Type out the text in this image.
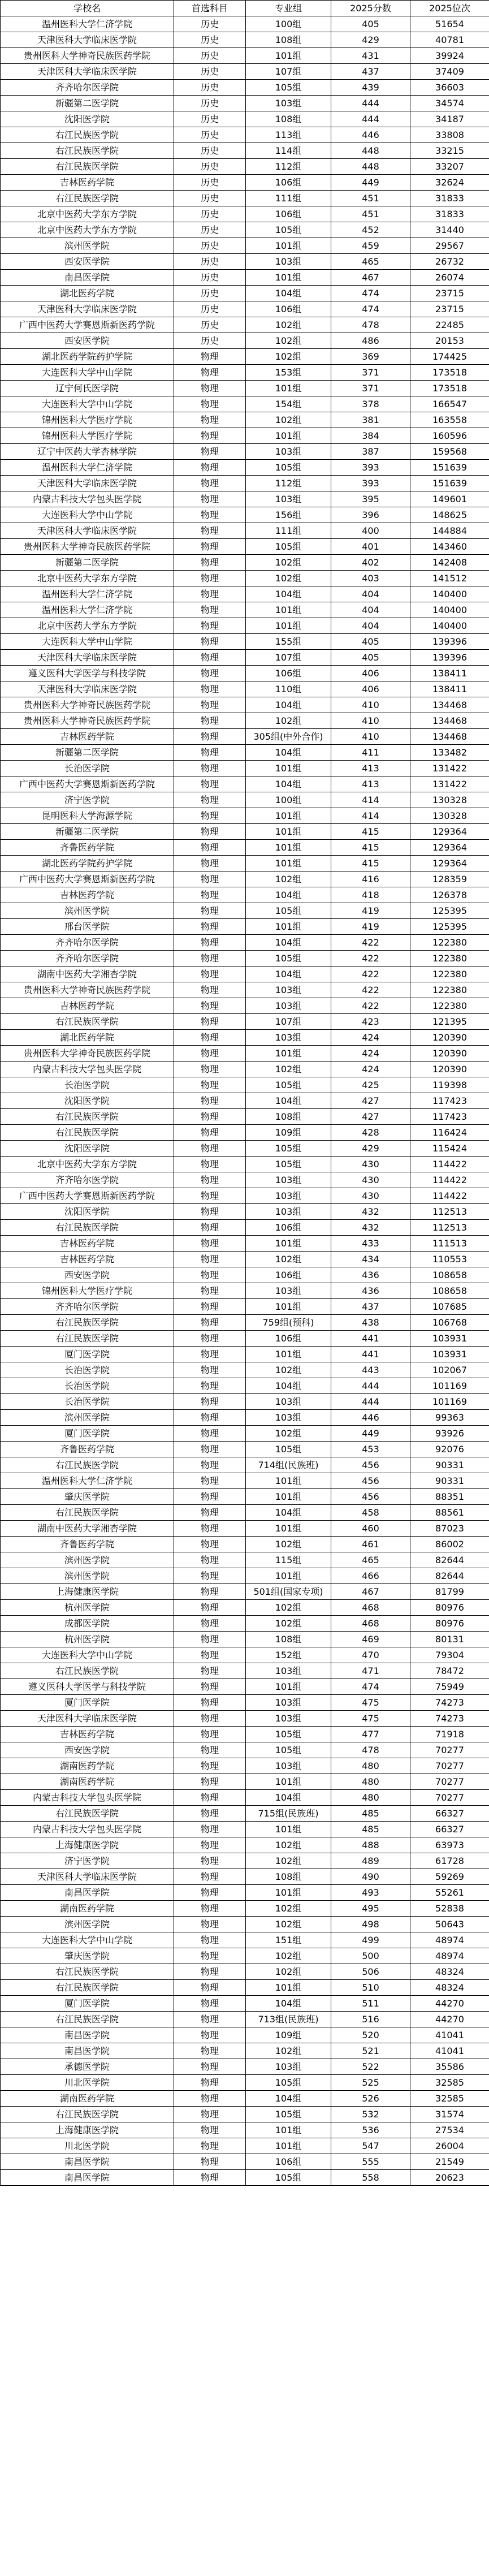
学校名	首选科目	专业组	2025分数	2025位次
温州医科大学仁济学院	历史	100组	405	51654
天津医科大学临床医学院	历史	108组	429	40781
贵州医科大学神奇民族医药学院	历史	101组	431	39924
天津医科大学临床医学院	历史	107组	437	37409
齐齐哈尔医学院	历史	105组	439	36603
新疆第二医学院	历史	103组	444	34574
沈阳医学院	历史	108组	444	34187
右江民族医学院	历史	113组	446	33808
右江民族医学院	历史	114组	448	33215
右江民族医学院	历史	112组	448	33207
吉林医药学院	历史	106组	449	32624
右江民族医学院	历史	111组	451	31833
北京中医药大学东方学院	历史	106组	451	31833
北京中医药大学东方学院	历史	105组	452	31440
滨州医学院	历史	101组	459	29567
西安医学院	历史	103组	465	26732
南昌医学院	历史	101组	467	26074
湖北医药学院	历史	104组	474	23715
天津医科大学临床医学院	历史	106组	474	23715
广西中医药大学赛恩斯新医药学院	历史	102组	478	22485
西安医学院	历史	102组	486	20153
湖北医药学院药护学院	物理	102组	369	174425
大连医科大学中山学院	物理	153组	371	173518
辽宁何氏医学院	物理	101组	371	173518
大连医科大学中山学院	物理	154组	378	166547
锦州医科大学医疗学院	物理	102组	381	163558
锦州医科大学医疗学院	物理	101组	384	160596
辽宁中医药大学杏林学院	物理	103组	387	159568
温州医科大学仁济学院	物理	105组	393	151639
天津医科大学临床医学院	物理	112组	393	151639
内蒙古科技大学包头医学院	物理	103组	395	149601
大连医科大学中山学院	物理	156组	396	148625
天津医科大学临床医学院	物理	111组	400	144884
贵州医科大学神奇民族医药学院	物理	105组	401	143460
新疆第二医学院	物理	102组	402	142408
北京中医药大学东方学院	物理	102组	403	141512
温州医科大学仁济学院	物理	104组	404	140400
温州医科大学仁济学院	物理	101组	404	140400
北京中医药大学东方学院	物理	101组	404	140400
大连医科大学中山学院	物理	155组	405	139396
天津医科大学临床医学院	物理	107组	405	139396
遵义医科大学医学与科技学院	物理	106组	406	138411
天津医科大学临床医学院	物理	110组	406	138411
贵州医科大学神奇民族医药学院	物理	104组	410	134468
贵州医科大学神奇民族医药学院	物理	102组	410	134468
吉林医药学院	物理	305组(中外合作)	410	134468
新疆第二医学院	物理	104组	411	133482
长治医学院	物理	101组	413	131422
广西中医药大学赛恩斯新医药学院	物理	104组	413	131422
济宁医学院	物理	100组	414	130328
昆明医科大学海源学院	物理	101组	414	130328
新疆第二医学院	物理	101组	415	129364
齐鲁医药学院	物理	101组	415	129364
湖北医药学院药护学院	物理	101组	415	129364
广西中医药大学赛恩斯新医药学院	物理	102组	416	128359
吉林医药学院	物理	104组	418	126378
滨州医学院	物理	105组	419	125395
邢台医学院	物理	101组	419	125395
齐齐哈尔医学院	物理	104组	422	122380
齐齐哈尔医学院	物理	105组	422	122380
湖南中医药大学湘杏学院	物理	104组	422	122380
贵州医科大学神奇民族医药学院	物理	103组	422	122380
吉林医药学院	物理	103组	422	122380
右江民族医学院	物理	107组	423	121395
湖北医药学院	物理	103组	424	120390
贵州医科大学神奇民族医药学院	物理	101组	424	120390
内蒙古科技大学包头医学院	物理	102组	424	120390
长治医学院	物理	105组	425	119398
沈阳医学院	物理	104组	427	117423
右江民族医学院	物理	108组	427	117423
右江民族医学院	物理	109组	428	116424
沈阳医学院	物理	105组	429	115424
北京中医药大学东方学院	物理	105组	430	114422
齐齐哈尔医学院	物理	103组	430	114422
广西中医药大学赛恩斯新医药学院	物理	103组	430	114422
沈阳医学院	物理	103组	432	112513
右江民族医学院	物理	106组	432	112513
吉林医药学院	物理	101组	433	111513
吉林医药学院	物理	102组	434	110553
西安医学院	物理	106组	436	108658
锦州医科大学医疗学院	物理	103组	436	108658
齐齐哈尔医学院	物理	101组	437	107685
右江民族医学院	物理	759组(预科)	438	106768
右江民族医学院	物理	106组	441	103931
厦门医学院	物理	101组	441	103931
长治医学院	物理	102组	443	102067
长治医学院	物理	104组	444	101169
长治医学院	物理	103组	444	101169
滨州医学院	物理	103组	446	99363
厦门医学院	物理	102组	449	93926
齐鲁医药学院	物理	105组	453	92076
右江民族医学院	物理	714组(民族班)	456	90331
温州医科大学仁济学院	物理	101组	456	90331
肇庆医学院	物理	101组	456	88351
右江民族医学院	物理	104组	458	88561
湖南中医药大学湘杏学院	物理	101组	460	87023
齐鲁医药学院	物理	102组	461	86002
滨州医学院	物理	115组	465	82644
滨州医学院	物理	101组	466	82644
上海健康医学院	物理	501组(国家专项)	467	81799
杭州医学院	物理	102组	468	80976
成都医学院	物理	102组	468	80976
杭州医学院	物理	108组	469	80131
大连医科大学中山学院	物理	152组	470	79304
右江民族医学院	物理	103组	471	78472
遵义医科大学医学与科技学院	物理	101组	474	75949
厦门医学院	物理	103组	475	74273
天津医科大学临床医学院	物理	103组	475	74273
吉林医药学院	物理	105组	477	71918
西安医学院	物理	105组	478	70277
湖南医药学院	物理	103组	480	70277
湖南医药学院	物理	101组	480	70277
内蒙古科技大学包头医学院	物理	104组	480	70277
右江民族医学院	物理	715组(民族班)	485	66327
内蒙古科技大学包头医学院	物理	101组	485	66327
上海健康医学院	物理	102组	488	63973
济宁医学院	物理	102组	489	61728
天津医科大学临床医学院	物理	108组	490	59269
南昌医学院	物理	101组	493	55261
湖南医药学院	物理	102组	495	52838
滨州医学院	物理	102组	498	50643
大连医科大学中山学院	物理	151组	499	48974
肇庆医学院	物理	102组	500	48974
右江民族医学院	物理	102组	506	48324
右江民族医学院	物理	101组	510	48324
厦门医学院	物理	104组	511	44270
右江民族医学院	物理	713组(民族班)	516	44270
南昌医学院	物理	109组	520	41041
南昌医学院	物理	102组	521	41041
承德医学院	物理	103组	522	35586
川北医学院	物理	105组	525	32585
湖南医药学院	物理	104组	526	32585
右江民族医学院	物理	105组	532	31574
上海健康医学院	物理	101组	536	27534
川北医学院	物理	101组	547	26004
南昌医学院	物理	106组	555	21549
南昌医学院	物理	105组	558	20623
